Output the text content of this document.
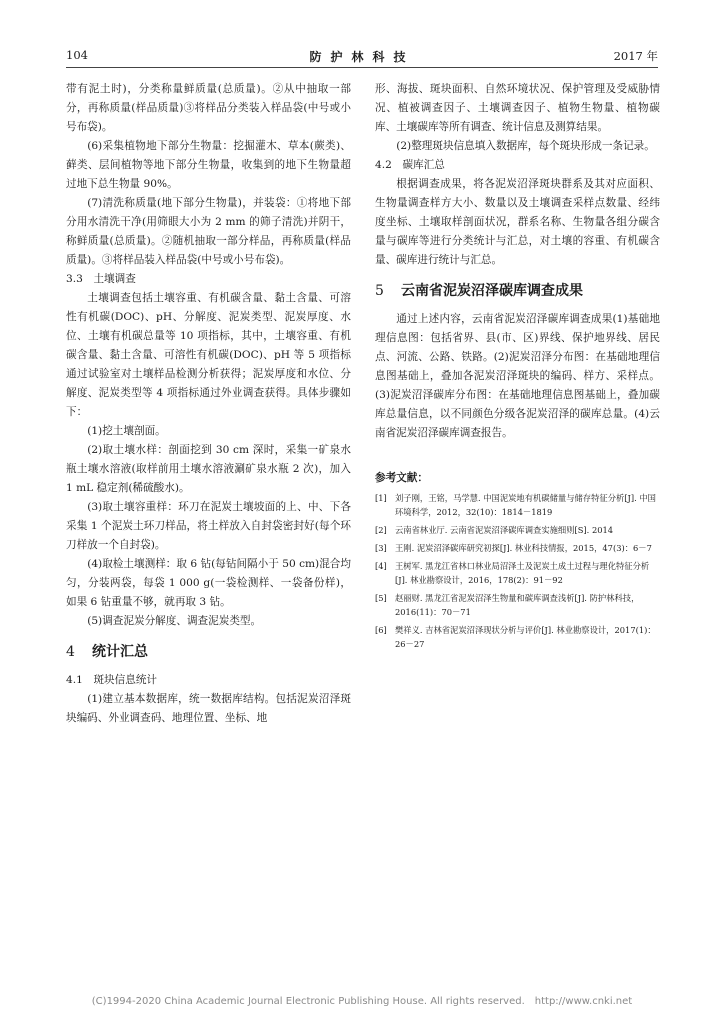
104	防护林科技	2017 年

带有泥土时)，分类称量鲜质量(总质量)。②从中抽取一部分，再称质量(样品质量)③将样品分类装入样品袋(中号或小号布袋)。

(6)采集植物地下部分生物量：挖掘灌木、草本(蕨类)、藓类、层间植物等地下部分生物量，收集到的地下生物量超过地下总生物量 90%。

(7)清洗称质量(地下部分生物量)，并装袋：①将地下部分用水清洗干净(用筛眼大小为 2 mm 的筛子清洗)并阴干，称鲜质量(总质量)。②随机抽取一部分样品，再称质量(样品质量)。③将样品装入样品袋(中号或小号布袋)。

3.3　土壤调查

土壤调查包括土壤容重、有机碳含量、黏土含量、可溶性有机碳(DOC)、pH、分解度、泥炭类型、泥炭厚度、水位、土壤有机碳总量等 10 项指标，其中，土壤容重、有机碳含量、黏土含量、可溶性有机碳(DOC)、pH 等 5 项指标通过试验室对土壤样品检测分析获得；泥炭厚度和水位、分解度、泥炭类型等 4 项指标通过外业调查获得。具体步骤如下：

(1)挖土壤剖面。

(2)取土壤水样：剖面挖到 30 cm 深时，采集一矿泉水瓶土壤水溶液(取样前用土壤水溶液涮矿泉水瓶 2 次)，加入 1 mL 稳定剂(稀硫酸水)。

(3)取土壤容重样：环刀在泥炭土壤坡面的上、中、下各采集 1 个泥炭土环刀样品，将土样放入自封袋密封好(每个环刀样放一个自封袋)。

(4)取检土壤测样：取 6 钻(每钻间隔小于 50 cm)混合均匀，分装两袋，每袋 1 000 g(一袋检测样、一袋备份样)，如果 6 钻重量不够，就再取 3 钻。

(5)调查泥炭分解度、调查泥炭类型。

4 统计汇总

4.1　斑块信息统计

(1)建立基本数据库，统一数据库结构。包括泥炭沼泽斑块编码、外业调查码、地理位置、坐标、地

形、海拔、斑块面积、自然环境状况、保护管理及受威胁情况、植被调查因子、土壤调查因子、植物生物量、植物碳库、土壤碳库等所有调查、统计信息及测算结果。

(2)整理斑块信息填入数据库，每个斑块形成一条记录。

4.2　碳库汇总

根据调查成果，将各泥炭沼泽斑块群系及其对应面积、生物量调查样方大小、数量以及土壤调查采样点数量、经纬度坐标、土壤取样剖面状况，群系名称、生物量各组分碳含量与碳库等进行分类统计与汇总，对土壤的容重、有机碳含量、碳库进行统计与汇总。

5 云南省泥炭沼泽碳库调查成果

通过上述内容，云南省泥炭沼泽碳库调查成果(1)基础地理信息图：包括省界、县(市、区)界线、保护地界线、居民点、河流、公路、铁路。(2)泥炭沼泽分布图：在基础地理信息图基础上，叠加各泥炭沼泽斑块的编码、样方、采样点。(3)泥炭沼泽碳库分布图：在基础地理信息图基础上，叠加碳库总量信息，以不同颜色分级各泥炭沼泽的碳库总量。(4)云南省泥炭沼泽碳库调查报告。

参考文献：
[1] 刘子刚，王铭，马学慧. 中国泥炭地有机碳储量与储存特征分析[J]. 中国环境科学，2012，32(10)：1814－1819
[2] 云南省林业厅. 云南省泥炭沼泽碳库调查实施细则[S]. 2014
[3] 王刚. 泥炭沼泽碳库研究初探[J]. 林业科技情报，2015，47(3)：6－7
[4] 王树军. 黑龙江省林口林业局沼泽土及泥炭土成土过程与理化特征分析[J]. 林业勘察设计，2016，178(2)：91－92
[5] 赵丽财. 黑龙江省泥炭沼泽生物量和碳库调查浅析[J]. 防护林科技，2016(11)：70－71
[6] 樊祥义. 吉林省泥炭沼泽现状分析与评价[J]. 林业勘察设计，2017(1)：26－27
(C)1994-2020 China Academic Journal Electronic Publishing House. All rights reserved.　http://www.cnki.net
